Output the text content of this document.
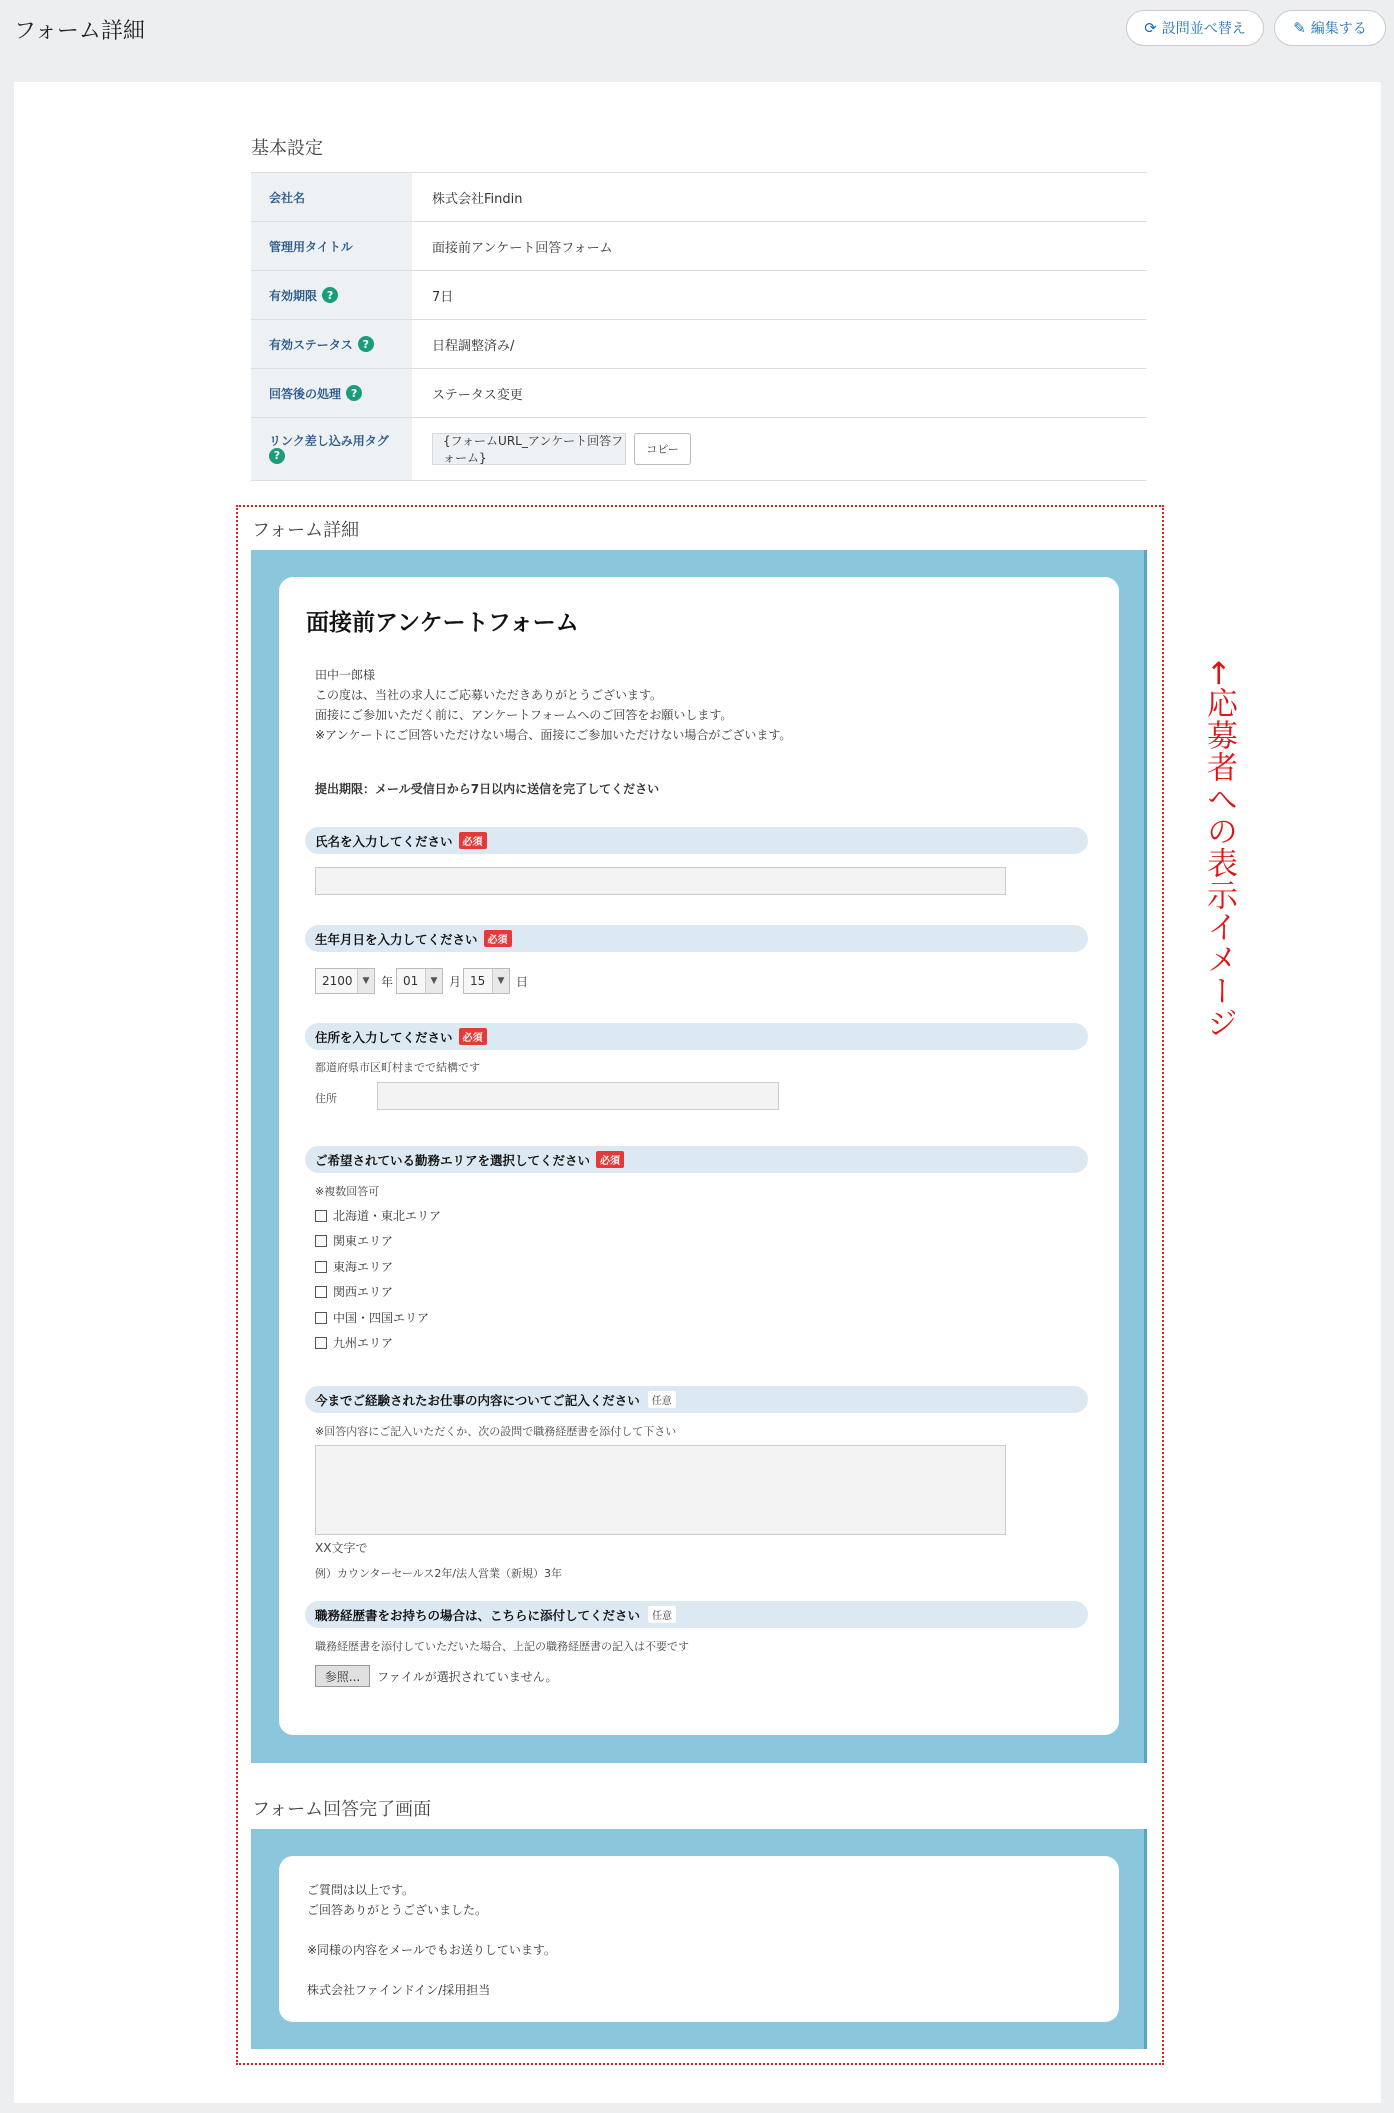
フォーム詳細	⟳ 設問並べ替え	✎ 編集する
基本設定
会社名	株式会社Findin
管理用タイトル	面接前アンケート回答フォーム
有効期限 ?	7日
有効ステータス ?	日程調整済み/
回答後の処理 ?	ステータス変更
リンク差し込み用タグ
?
{フォームURL_アンケート回答フォーム}
コピー
フォーム詳細
面接前アンケートフォーム
田中一郎様
この度は、当社の求人にご応募いただきありがとうございます。
面接にご参加いただく前に、アンケートフォームへのご回答をお願いします。
※アンケートにご回答いただけない場合、面接にご参加いただけない場合がございます。
提出期限：メール受信日から7日以内に送信を完了してください
氏名を入力してください	必須
生年月日を入力してください	必須
2100	▼ 年 01	▼ 月 15	▼ 日
住所を入力してください	必須
都道府県市区町村までで結構です
住所
ご希望されている勤務エリアを選択してください	必須
※複数回答可
北海道・東北エリア
関東エリア
東海エリア
関西エリア
中国・四国エリア
九州エリア
今までご経験されたお仕事の内容についてご記入ください	任意
※回答内容にご記入いただくか、次の設問で職務経歴書を添付して下さい
XX文字で
例）カウンターセールス2年/法人営業（新規）3年
職務経歴書をお持ちの場合は、こちらに添付してください	任意
職務経歴書を添付していただいた場合、上記の職務経歴書の記入は不要です
参照...	ファイルが選択されていません。
フォーム回答完了画面
ご質問は以上です。
ご回答ありがとうございました。
※同様の内容をメールでもお送りしています。
株式会社ファインドイン/採用担当
←応募者への表示イメージ
